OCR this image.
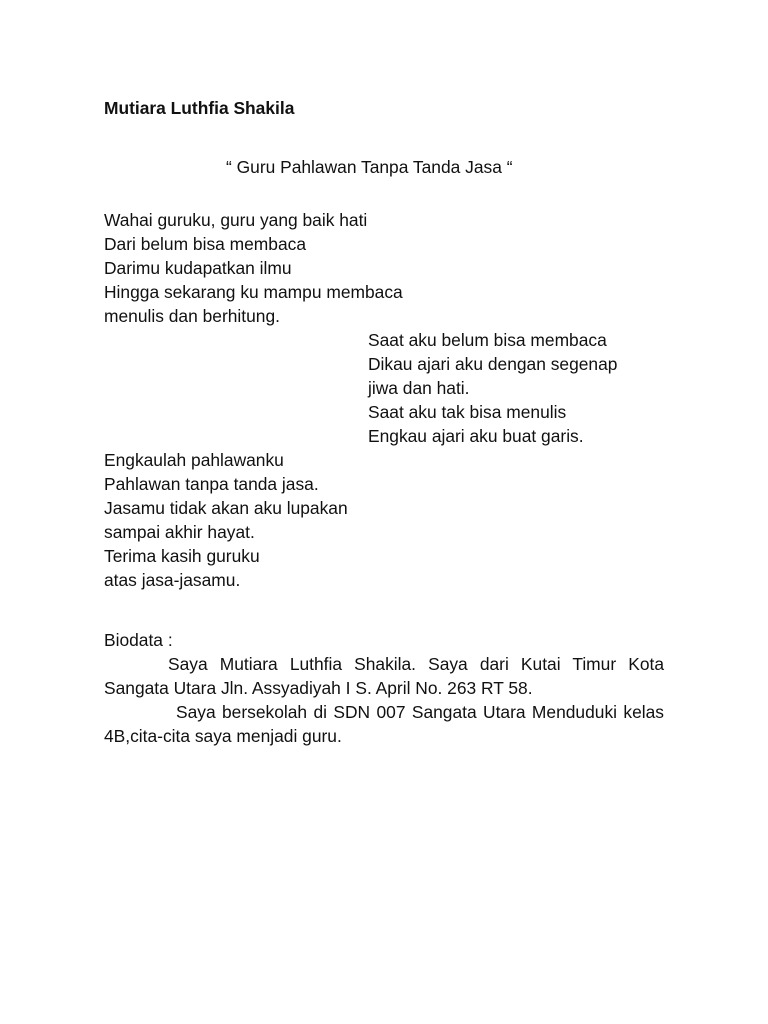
Mutiara Luthfia Shakila
“ Guru Pahlawan Tanpa Tanda Jasa “
Wahai guruku, guru yang baik hati
Dari belum bisa membaca
Darimu kudapatkan ilmu
Hingga sekarang ku mampu membaca
menulis dan berhitung.
Saat aku belum bisa membaca
Dikau ajari aku dengan segenap
jiwa dan hati.
Saat aku tak bisa menulis
Engkau ajari aku buat garis.
Engkaulah pahlawanku
Pahlawan tanpa tanda jasa.
Jasamu tidak akan aku lupakan
sampai akhir hayat.
Terima kasih guruku
atas jasa-jasamu.
Biodata :
Saya Mutiara Luthfia Shakila. Saya dari Kutai Timur Kota Sangata Utara Jln. Assyadiyah I S. April No. 263 RT 58.
Saya bersekolah di SDN 007 Sangata Utara Menduduki kelas 4B,cita-cita saya menjadi guru.
